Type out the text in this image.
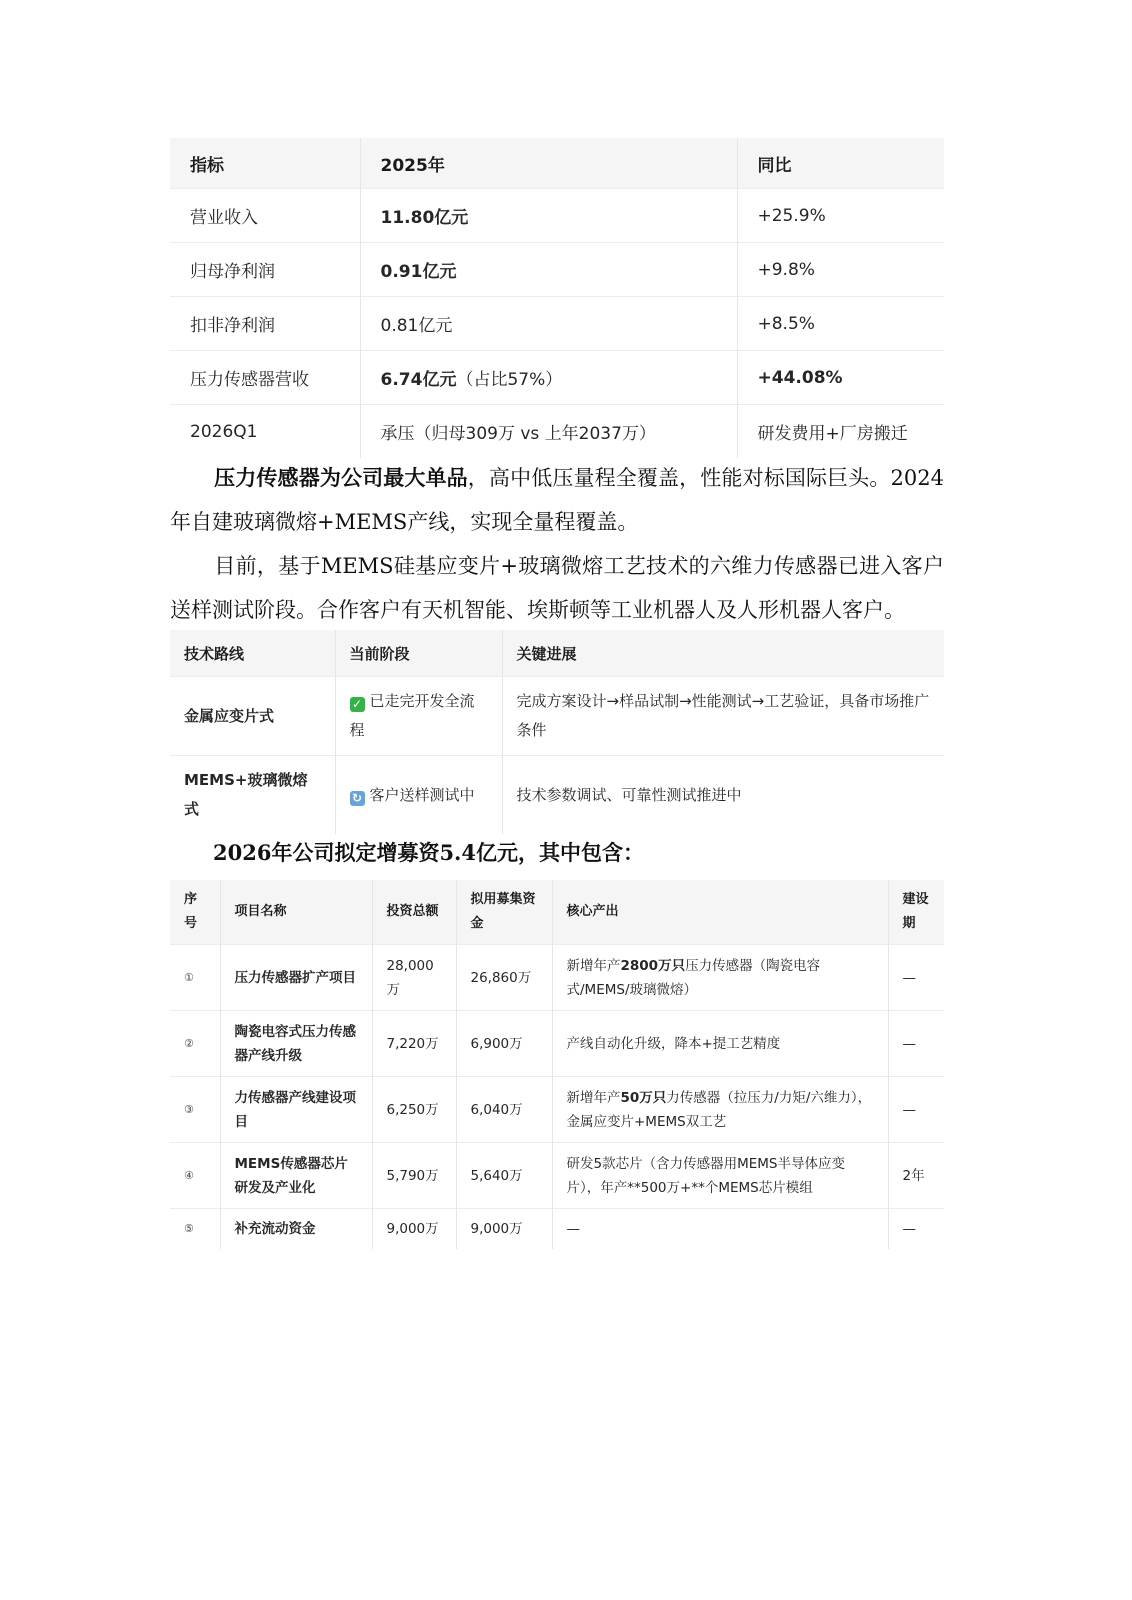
指标	2025年	同比
营业收入	11.80亿元	+25.9%
归母净利润	0.91亿元	+9.8%
扣非净利润	0.81亿元	+8.5%
压力传感器营收	6.74亿元（占比57%）	+44.08%
2026Q1	承压（归母309万 vs 上年2037万）	研发费用+厂房搬迁

压力传感器为公司最大单品，高中低压量程全覆盖，性能对标国际巨头。2024年自建玻璃微熔+MEMS产线，实现全量程覆盖。

目前，基于MEMS硅基应变片+玻璃微熔工艺技术的六维力传感器已进入客户送样测试阶段。合作客户有天机智能、埃斯顿等工业机器人及人形机器人客户。

技术路线	当前阶段	关键进展
金属应变片式	✓ 已走完开发全流程	完成方案设计→样品试制→性能测试→工艺验证，具备市场推广条件
MEMS+玻璃微熔式	↻ 客户送样测试中	技术参数调试、可靠性测试推进中
2026年公司拟定增募资5.4亿元，其中包含：
序号	项目名称	投资总额	拟用募集资金	核心产出	建设期
①	压力传感器扩产项目	28,000万	26,860万	新增年产2800万只压力传感器（陶瓷电容式/MEMS/玻璃微熔）	—
②	陶瓷电容式压力传感器产线升级	7,220万	6,900万	产线自动化升级，降本+提工艺精度	—
③	力传感器产线建设项目	6,250万	6,040万	新增年产50万只力传感器（拉压力/力矩/六维力），金属应变片+MEMS双工艺	—
④	MEMS传感器芯片研发及产业化	5,790万	5,640万	研发5款芯片（含力传感器用MEMS半导体应变片），年产**500万+**个MEMS芯片模组	2年
⑤	补充流动资金	9,000万	9,000万	—	—
